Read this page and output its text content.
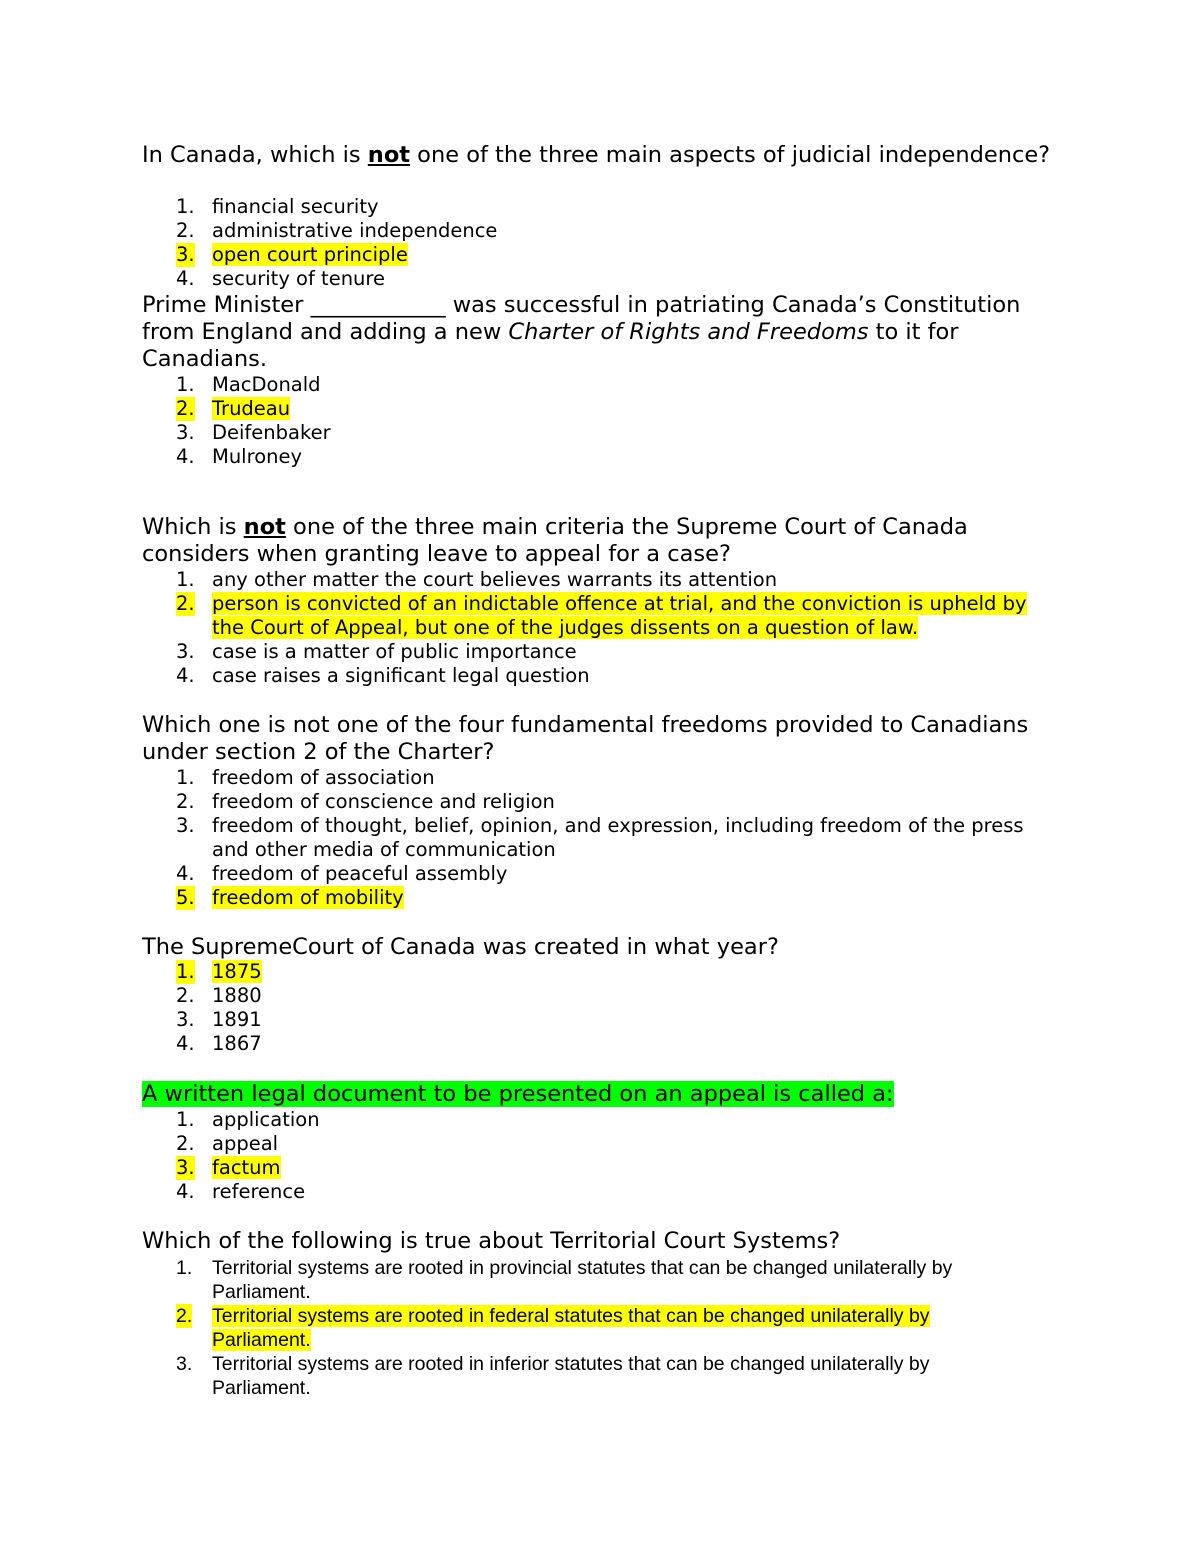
In Canada, which is not one of the three main aspects of judicial independence?

1. financial security
2. administrative independence
3. open court principle
4. security of tenure

Prime Minister ____________ was successful in patriating Canada’s Constitution from England and adding a new Charter of Rights and Freedoms to it for Canadians.

1. MacDonald
2. Trudeau
3. Deifenbaker
4. Mulroney

Which is not one of the three main criteria the Supreme Court of Canada considers when granting leave to appeal for a case?

1. any other matter the court believes warrants its attention
2. person is convicted of an indictable offence at trial, and the conviction is upheld by the Court of Appeal, but one of the judges dissents on a question of law.
3. case is a matter of public importance
4. case raises a significant legal question

Which one is not one of the four fundamental freedoms provided to Canadians under section 2 of the Charter?

1. freedom of association
2. freedom of conscience and religion
3. freedom of thought, belief, opinion, and expression, including freedom of the press and other media of communication
4. freedom of peaceful assembly
5. freedom of mobility

The SupremeCourt of Canada was created in what year?

1. 1875
2. 1880
3. 1891
4. 1867

A written legal document to be presented on an appeal is called a:

1. application
2. appeal
3. factum
4. reference

Which of the following is true about Territorial Court Systems?

1. Territorial systems are rooted in provincial statutes that can be changed unilaterally by Parliament.
2. Territorial systems are rooted in federal statutes that can be changed unilaterally by Parliament.
3. Territorial systems are rooted in inferior statutes that can be changed unilaterally by Parliament.
